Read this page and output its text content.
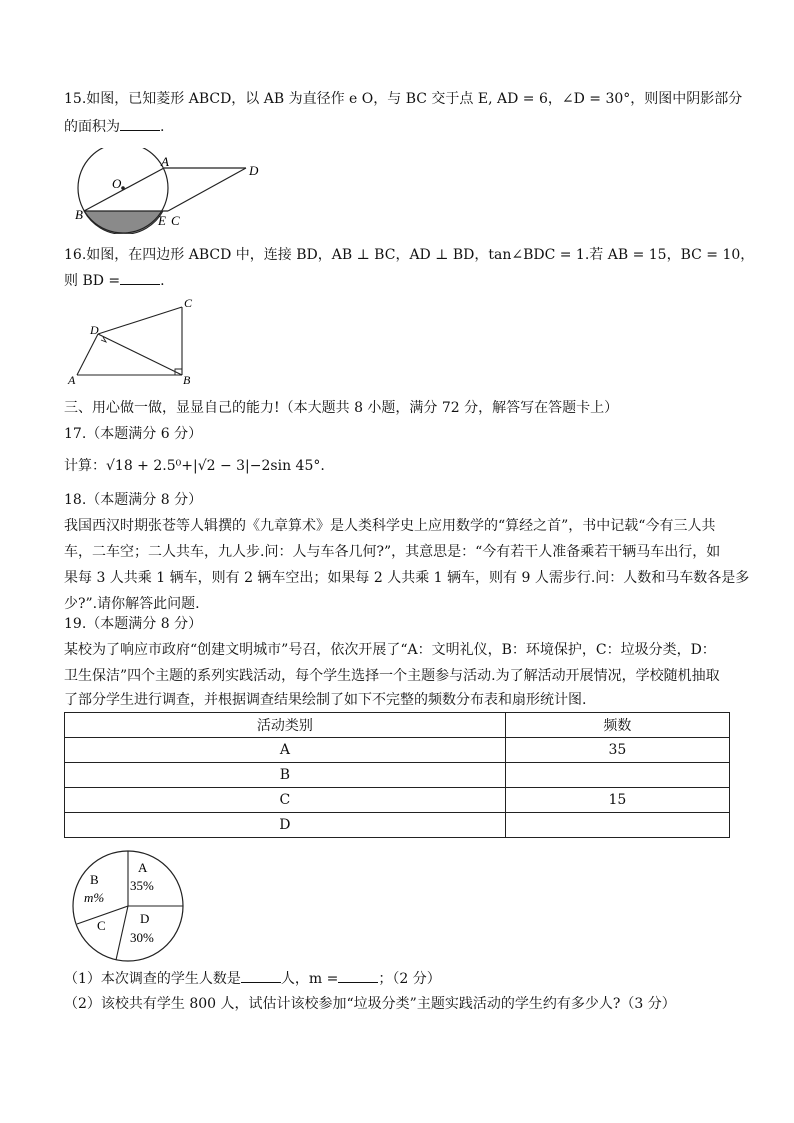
15.如图，已知菱形 ABCD，以 AB 为直径作 e O，与 BC 交于点 E, AD = 6，∠D = 30°，则图中阴影部分
的面积为	.
O
A
D
B	E C
16.如图，在四边形 ABCD 中，连接 BD，AB ⊥ BC，AD ⊥ BD，tan∠BDC = 1.若 AB = 15，BC = 10，
则 BD =	.
D
C
A	B
三、用心做一做，显显自己的能力!（本大题共 8 小题，满分 72 分，解答写在答题卡上）
17.（本题满分 6 分）
计算：√18 + 2.5⁰+|√2 − 3|−2sin 45°.
18.（本题满分 8 分）
我国西汉时期张苍等人辑撰的《九章算术》是人类科学史上应用数学的“算经之首”，书中记载“今有三人共
车，二车空；二人共车，九人步.问：人与车各几何?”，其意思是：“今有若干人准备乘若干辆马车出行，如
果每 3 人共乘 1 辆车，则有 2 辆车空出；如果每 2 人共乘 1 辆车，则有 9 人需步行.问：人数和马车数各是多
少?”.请你解答此问题.
19.（本题满分 8 分）
某校为了响应市政府“创建文明城市”号召，依次开展了“A：文明礼仪，B：环境保护，C：垃圾分类，D：
卫生保洁”四个主题的系列实践活动，每个学生选择一个主题参与活动.为了解活动开展情况，学校随机抽取
了部分学生进行调查，并根据调查结果绘制了如下不完整的频数分布表和扇形统计图.
活动类别	频数
A	35
B	
C	15
D	
A
35%
B
m%
C	D
30%
（1）本次调查的学生人数是	人，m =	；（2 分）
（2）该校共有学生 800 人，试估计该校参加“垃圾分类”主题实践活动的学生约有多少人?（3 分）
